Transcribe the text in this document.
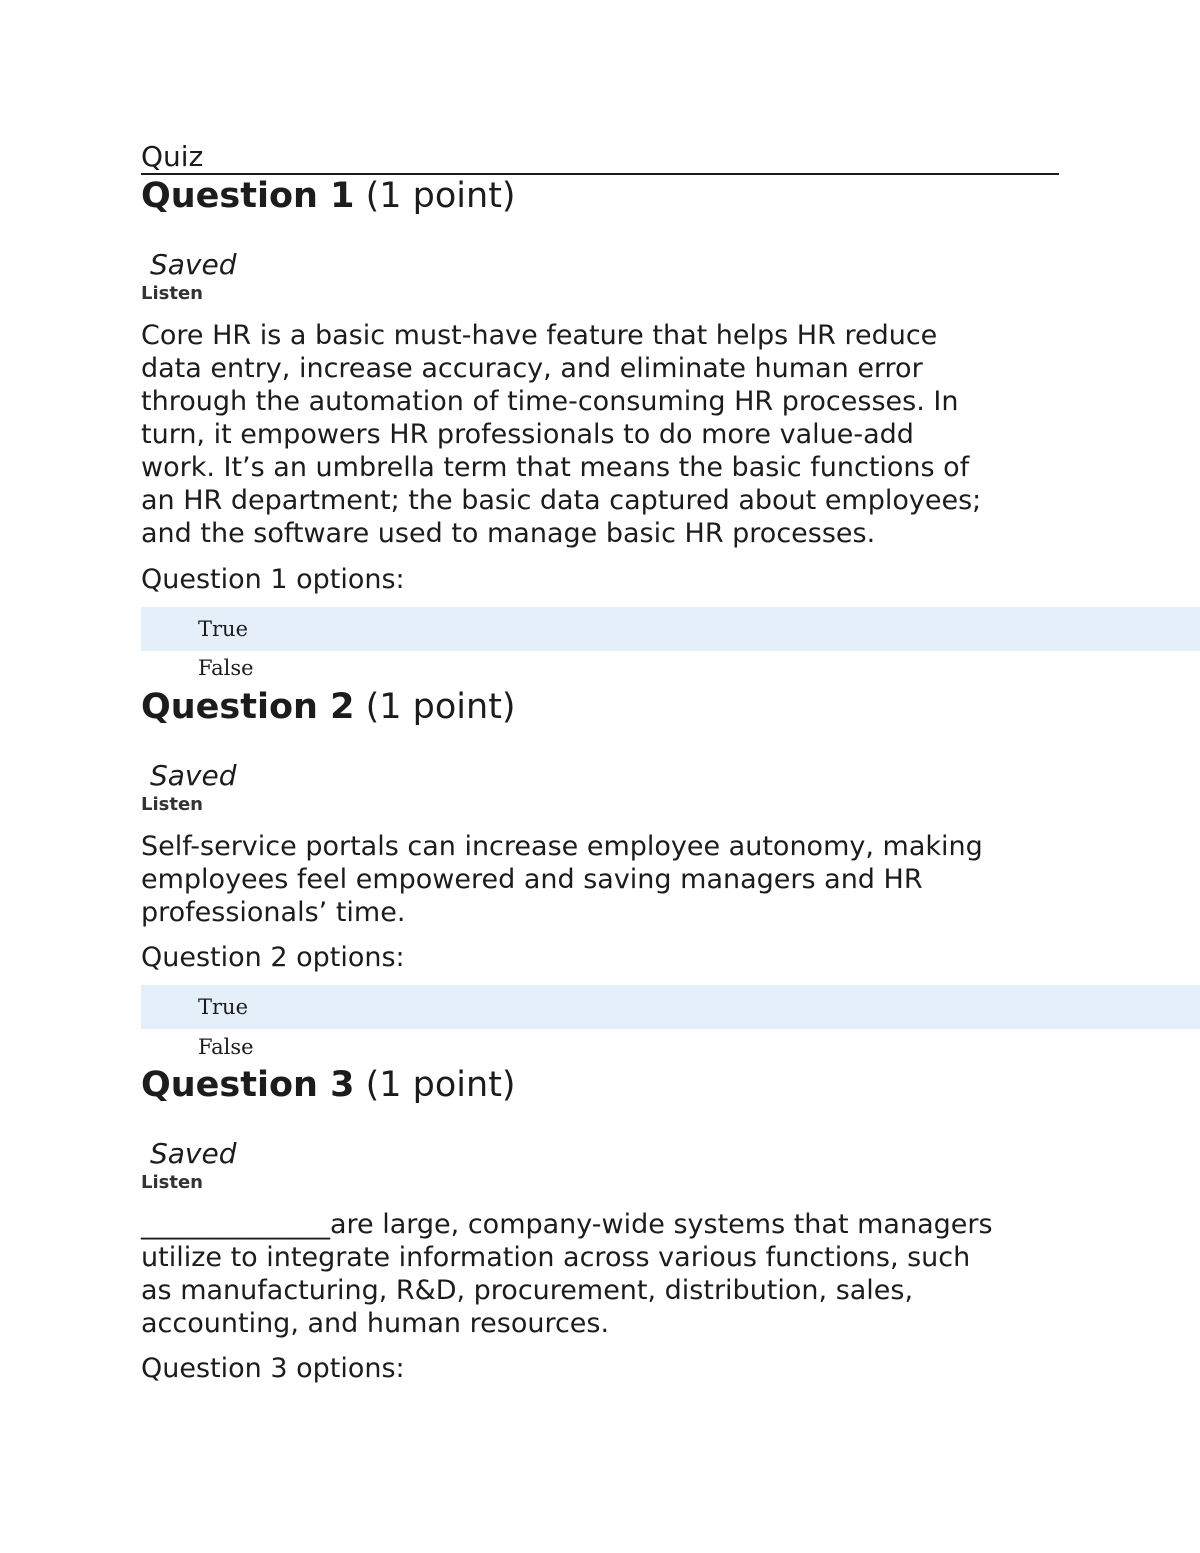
Quiz
Question 1 (1 point)
Saved
Listen
Core HR is a basic must-have feature that helps HR reduce
data entry, increase accuracy, and eliminate human error
through the automation of time-consuming HR processes. In
turn, it empowers HR professionals to do more value-add
work. It’s an umbrella term that means the basic functions of
an HR department; the basic data captured about employees;
and the software used to manage basic HR processes.
Question 1 options:
True
False
Question 2 (1 point)
Saved
Listen
Self-service portals can increase employee autonomy, making
employees feel empowered and saving managers and HR
professionals’ time.
Question 2 options:
True
False
Question 3 (1 point)
Saved
Listen
______________are large, company-wide systems that managers
utilize to integrate information across various functions, such
as manufacturing, R&D, procurement, distribution, sales,
accounting, and human resources.
Question 3 options:
